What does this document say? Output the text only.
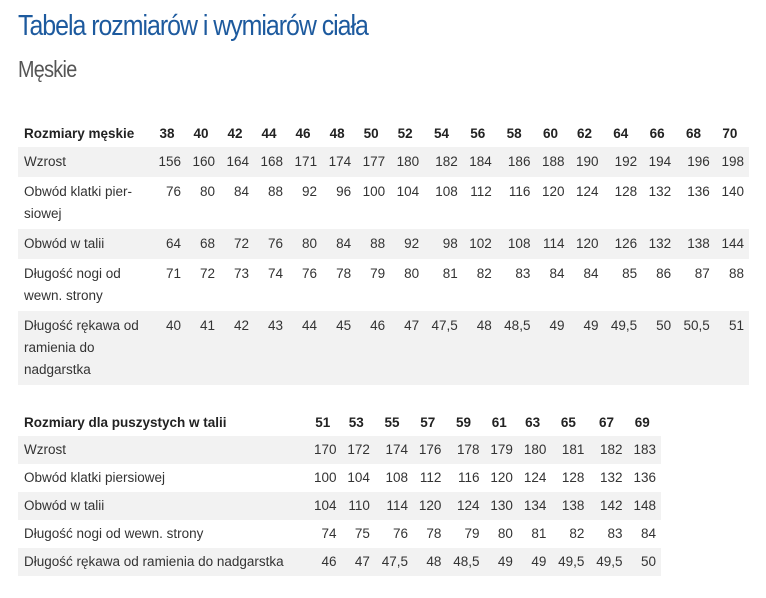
Tabela rozmiarów i wymiarów ciała
Męskie
Rozmiary męskie	38	40	42	44	46	48	50	52	54	56	58	60	62	64	66	68	70
Wzrost	156	160	164	168	171	174	177	180	182	184	186	188	190	192	194	196	198
Obwód klatki pier-siowej	76	80	84	88	92	96	100	104	108	112	116	120	124	128	132	136	140
Obwód w talii	64	68	72	76	80	84	88	92	98	102	108	114	120	126	132	138	144
Długość nogi od wewn. strony	71	72	73	74	76	78	79	80	81	82	83	84	84	85	86	87	88
Długość rękawa od ramienia do nadgarstka	40	41	42	43	44	45	46	47	47,5	48	48,5	49	49	49,5	50	50,5	51
Rozmiary dla puszystych w talii	51	53	55	57	59	61	63	65	67	69
Wzrost	170	172	174	176	178	179	180	181	182	183
Obwód klatki piersiowej	100	104	108	112	116	120	124	128	132	136
Obwód w talii	104	110	114	120	124	130	134	138	142	148
Długość nogi od wewn. strony	74	75	76	78	79	80	81	82	83	84
Długość rękawa od ramienia do nadgarstka	46	47	47,5	48	48,5	49	49	49,5	49,5	50
